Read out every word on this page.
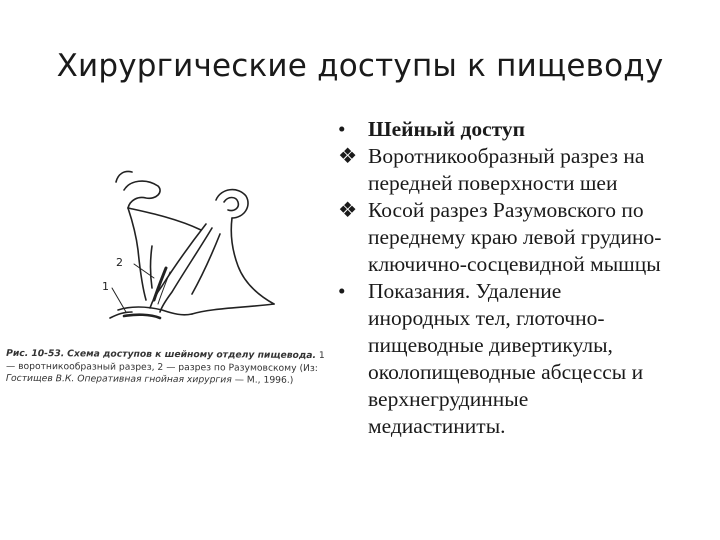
Хирургические доступы к пищеводу
2
1
Рис. 10-53. Схема доступов к шейному отделу пищевода. 1 — воротникообразный разрез, 2 — разрез по Разумовскому (Из: Гостищев В.К. Оперативная гнойная хирургия — М., 1996.)
•	Шейный доступ
❖ Воротникообразный разрез на
передней поверхности шеи
❖ Косой разрез Разумовского по
переднему краю левой грудино-
ключично-сосцевидной мышцы
•	Показания. Удаление
инородных тел, глоточно-
пищеводные дивертикулы,
околопищеводные абсцессы и
верхнегрудинные
медиастиниты.
